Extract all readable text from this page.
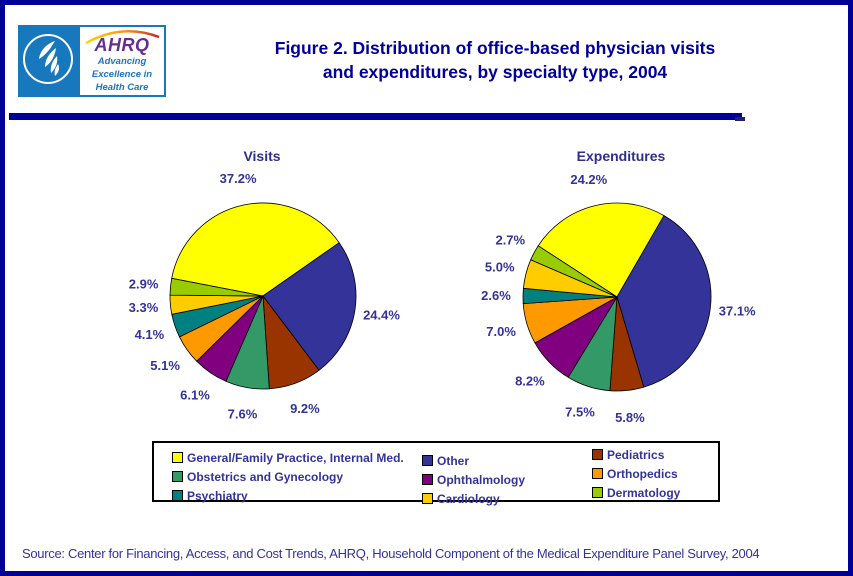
AHRQ
Advancing
Excellence in
Health Care
Figure 2. Distribution of office-based physician visits
and expenditures, by specialty type, 2004
Visits	Expenditures
37.2%
24.4%
9.2%
7.6%
6.1%
5.1%
4.1%
3.3%
2.9%
24.2%
37.1%
5.8%
7.5%
8.2%
7.0%
2.6%
5.0%
2.7%
General/Family Practice, Internal Med.
Obstetrics and Gynecology
Psychiatry
Other
Ophthalmology
Cardiology
Pediatrics
Orthopedics
Dermatology
Source: Center for Financing, Access, and Cost Trends, AHRQ, Household Component of the Medical Expenditure Panel Survey, 2004
